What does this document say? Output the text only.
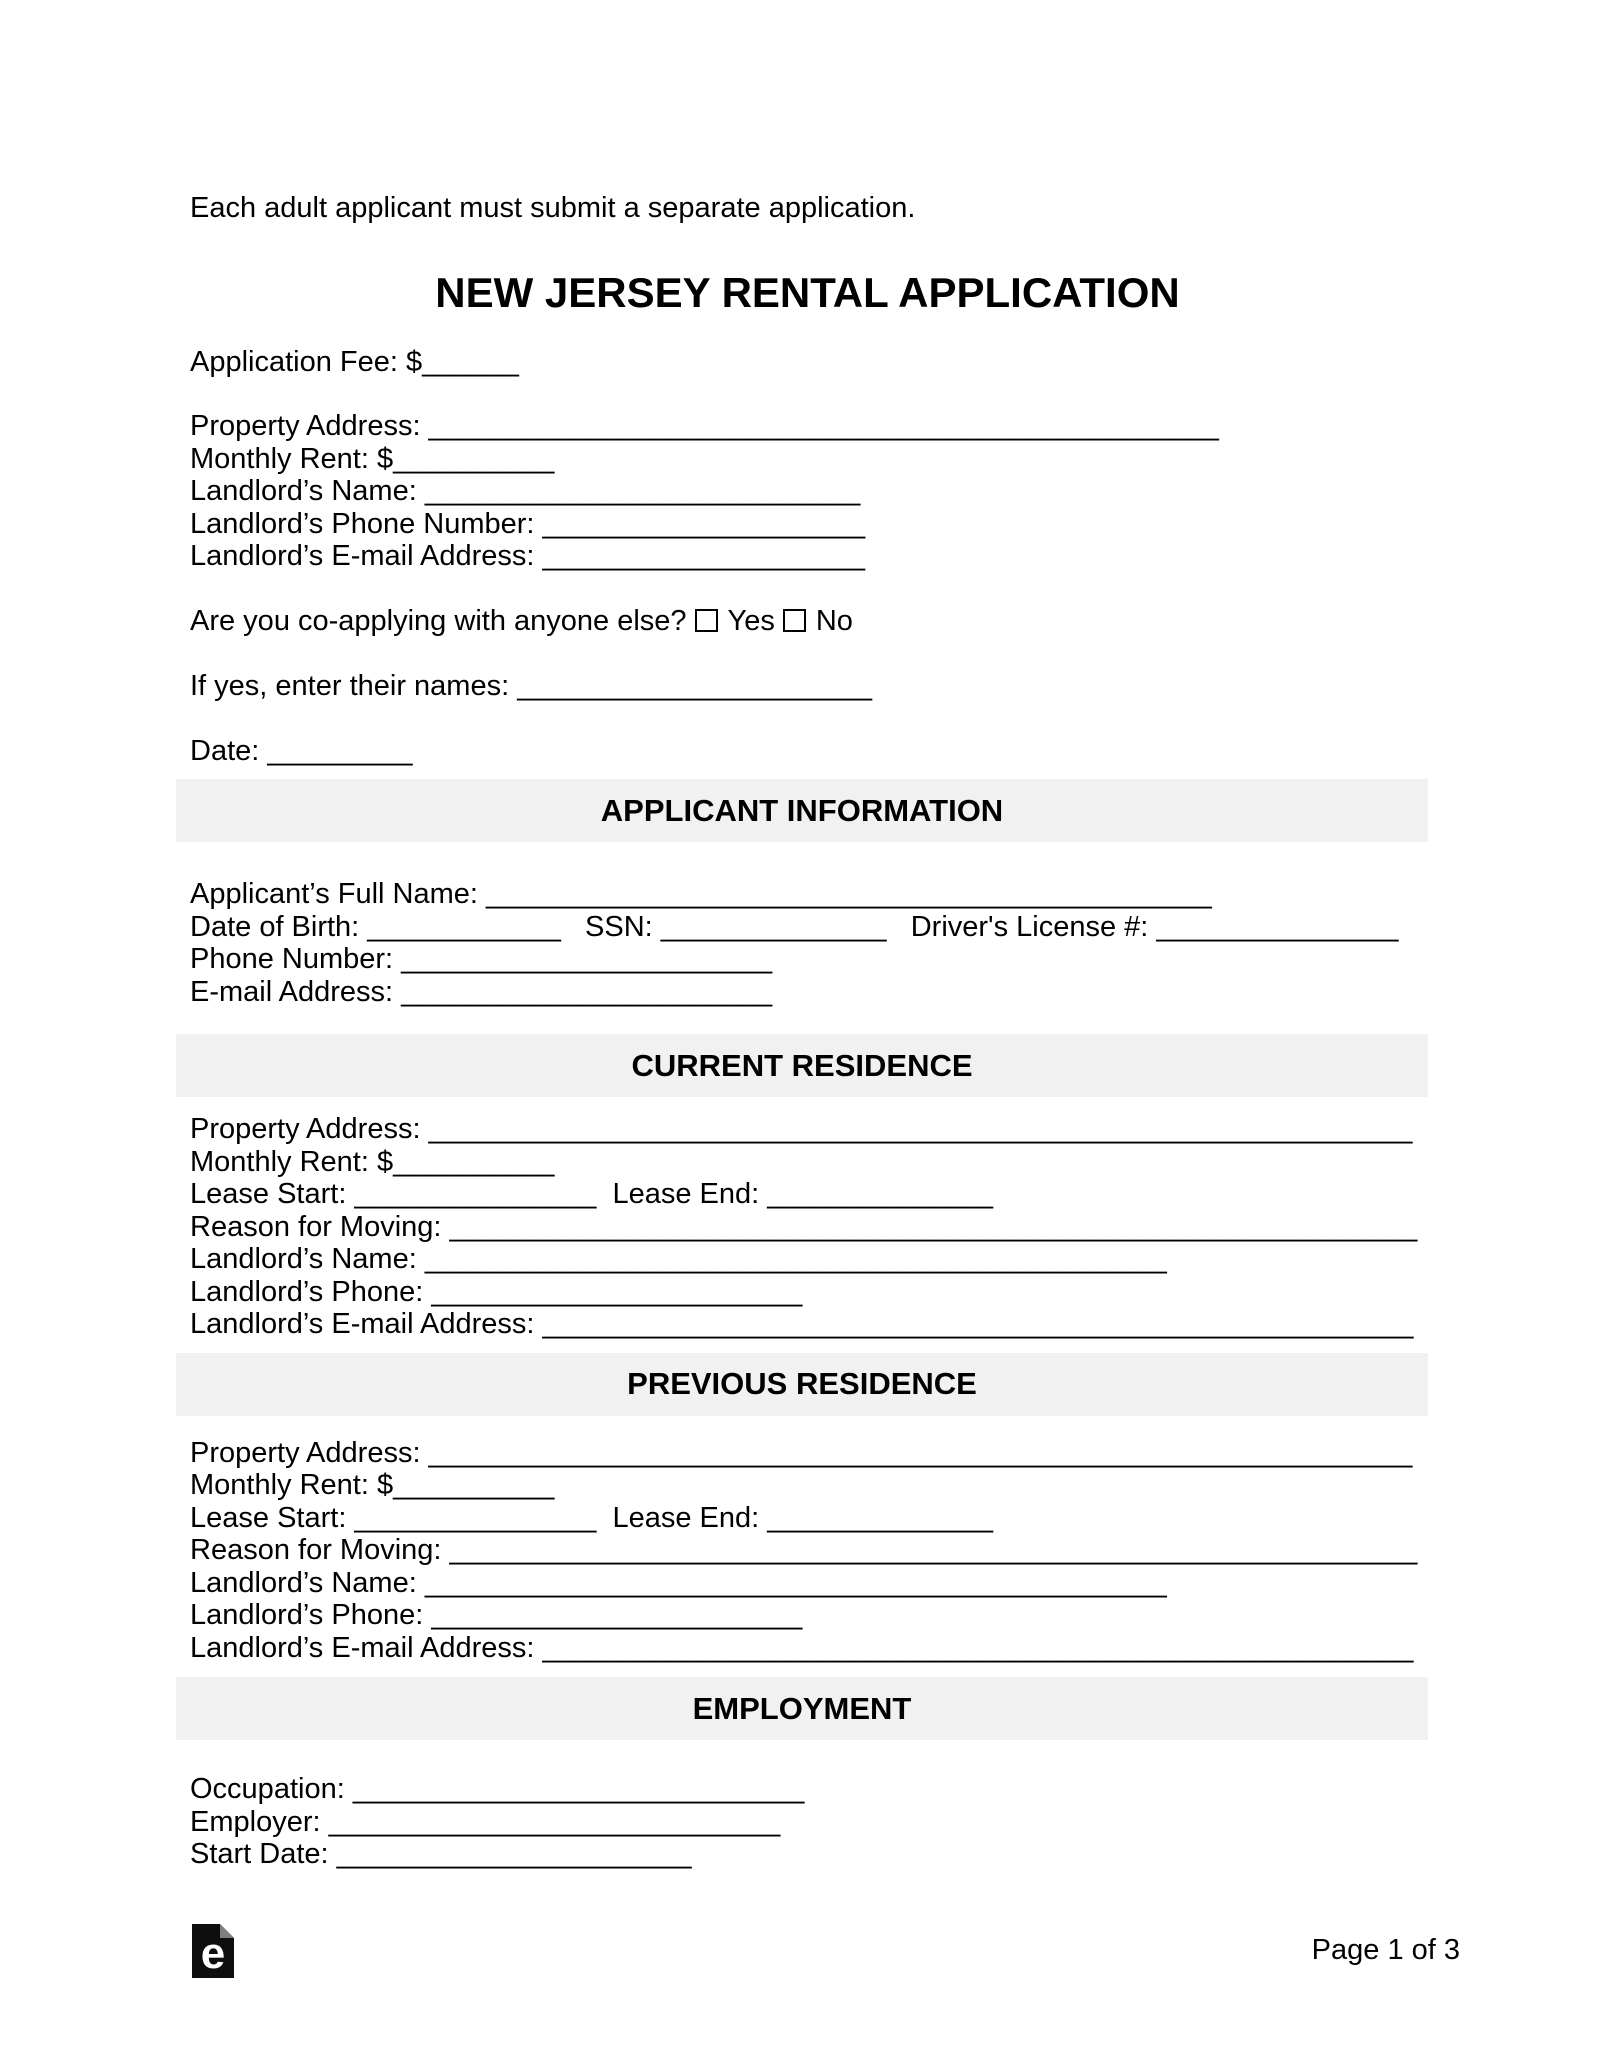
Each adult applicant must submit a separate application.

NEW JERSEY RENTAL APPLICATION

Application Fee: $______

Property Address: _________________________________________________

Monthly Rent: $__________

Landlord’s Name: ___________________________

Landlord’s Phone Number: ____________________

Landlord’s E-mail Address: ____________________

Are you co-applying with anyone else? Yes No

If yes, enter their names: ______________________

Date: _________

APPLICANT INFORMATION

Applicant’s Full Name: _____________________________________________

Date of Birth: ____________   SSN: ______________   Driver's License #: _______________

Phone Number: _______________________

E-mail Address: _______________________

CURRENT RESIDENCE

Property Address: _____________________________________________________________

Monthly Rent: $__________

Lease Start: _______________  Lease End: ______________

Reason for Moving: ____________________________________________________________

Landlord’s Name: ______________________________________________

Landlord’s Phone: _______________________

Landlord’s E-mail Address: ______________________________________________________

PREVIOUS RESIDENCE

Property Address: _____________________________________________________________

Monthly Rent: $__________

Lease Start: _______________  Lease End: ______________

Reason for Moving: ____________________________________________________________

Landlord’s Name: ______________________________________________

Landlord’s Phone: _______________________

Landlord’s E-mail Address: ______________________________________________________

EMPLOYMENT

Occupation: ____________________________

Employer: ____________________________

Start Date: ______________________

e	Page 1 of 3
